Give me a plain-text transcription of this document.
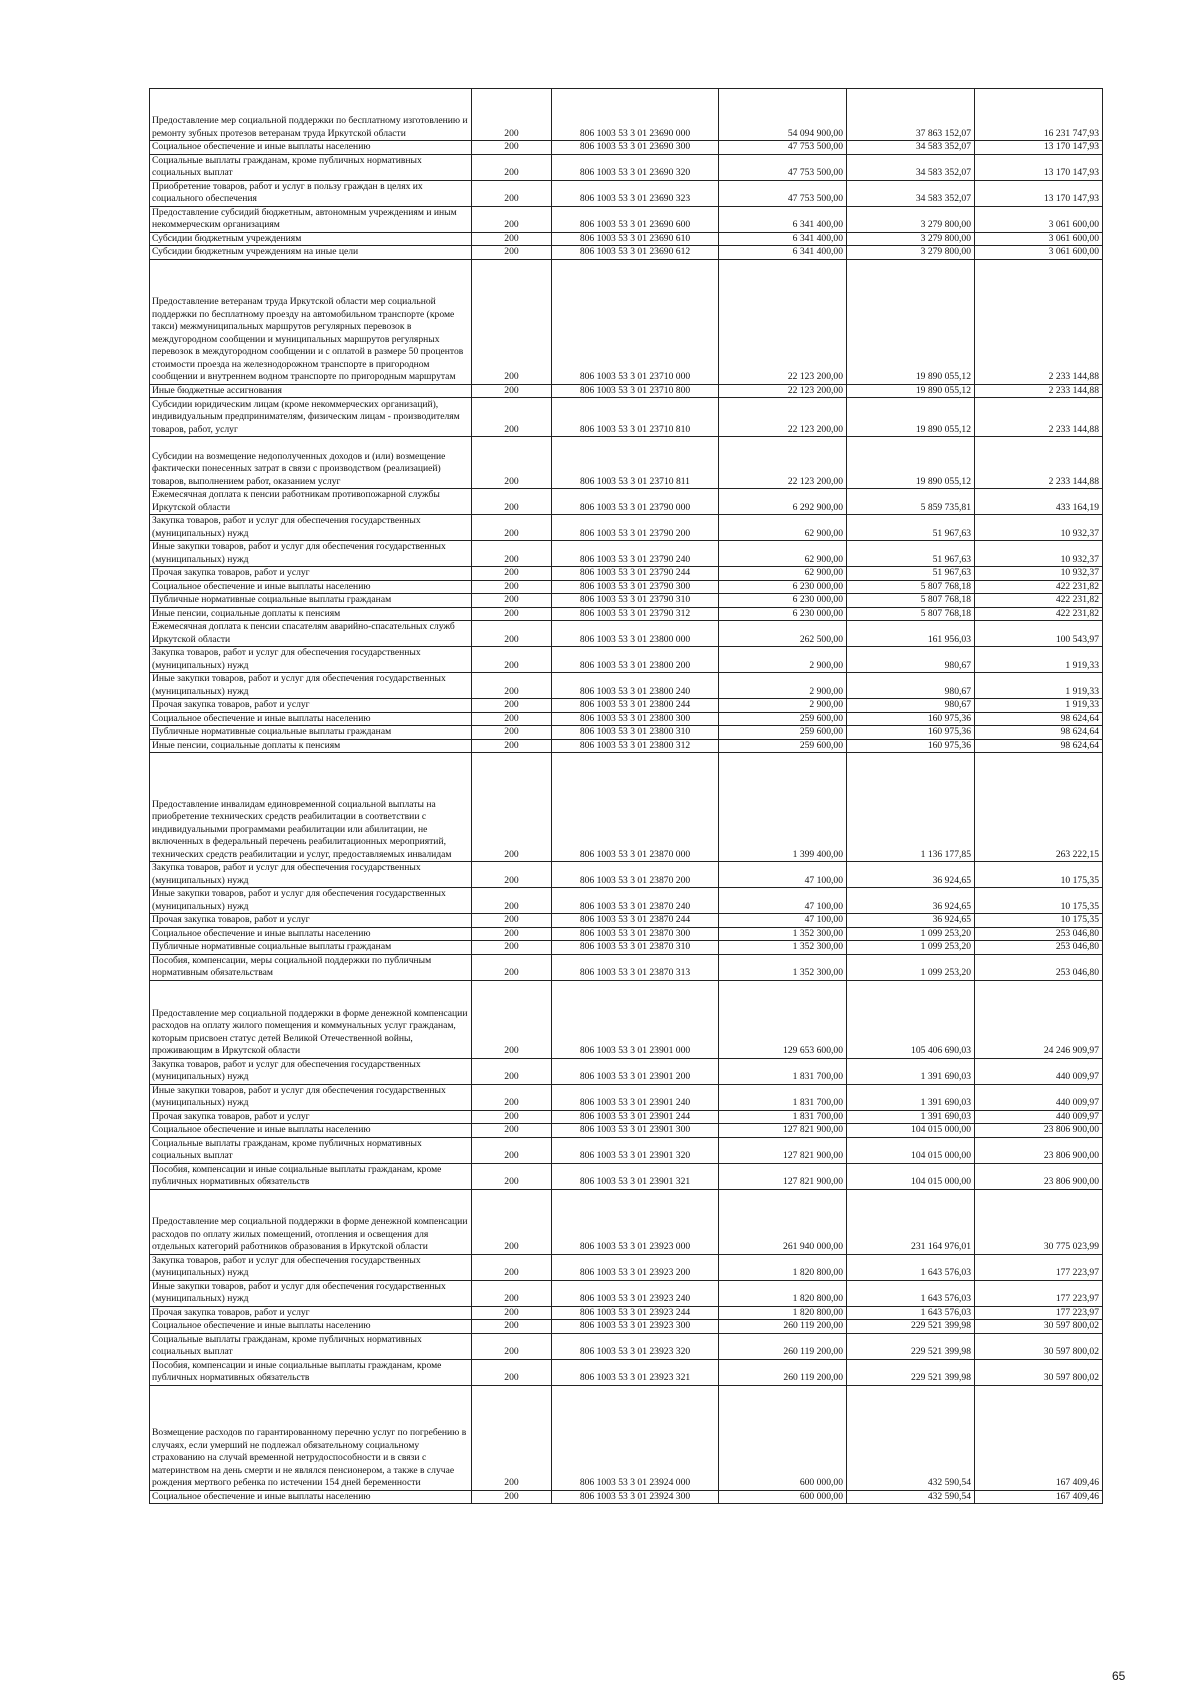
Предоставление мер социальной поддержки по бесплатному изготовлению и ремонту зубных протезов ветеранам труда Иркутской области	200	806 1003 53 3 01 23690 000	54 094 900,00	37 863 152,07	16 231 747,93
Социальное обеспечение и иные выплаты населению	200	806 1003 53 3 01 23690 300	47 753 500,00	34 583 352,07	13 170 147,93
Социальные выплаты гражданам, кроме публичных нормативных социальных выплат	200	806 1003 53 3 01 23690 320	47 753 500,00	34 583 352,07	13 170 147,93
Приобретение товаров, работ и услуг в пользу граждан в целях их социального обеспечения	200	806 1003 53 3 01 23690 323	47 753 500,00	34 583 352,07	13 170 147,93
Предоставление субсидий бюджетным, автономным учреждениям и иным некоммерческим организациям	200	806 1003 53 3 01 23690 600	6 341 400,00	3 279 800,00	3 061 600,00
Субсидии бюджетным учреждениям	200	806 1003 53 3 01 23690 610	6 341 400,00	3 279 800,00	3 061 600,00
Субсидии бюджетным учреждениям на иные цели	200	806 1003 53 3 01 23690 612	6 341 400,00	3 279 800,00	3 061 600,00
Предоставление ветеранам труда Иркутской области мер социальной поддержки по бесплатному проезду на автомобильном транспорте (кроме такси) межмуниципальных маршрутов регулярных перевозок в междугородном сообщении и муниципальных маршрутов регулярных перевозок в междугородном сообщении и с оплатой в размере 50 процентов стоимости проезда на железнодорожном транспорте в пригородном сообщении и внутреннем водном транспорте по пригородным маршрутам	200	806 1003 53 3 01 23710 000	22 123 200,00	19 890 055,12	2 233 144,88
Иные бюджетные ассигнования	200	806 1003 53 3 01 23710 800	22 123 200,00	19 890 055,12	2 233 144,88
Субсидии юридическим лицам (кроме некоммерческих организаций), индивидуальным предпринимателям, физическим лицам - производителям товаров, работ, услуг	200	806 1003 53 3 01 23710 810	22 123 200,00	19 890 055,12	2 233 144,88
Субсидии на возмещение недополученных доходов и (или) возмещение фактически понесенных затрат в связи с производством (реализацией) товаров, выполнением работ, оказанием услуг	200	806 1003 53 3 01 23710 811	22 123 200,00	19 890 055,12	2 233 144,88
Ежемесячная доплата к пенсии работникам противопожарной службы Иркутской области	200	806 1003 53 3 01 23790 000	6 292 900,00	5 859 735,81	433 164,19
Закупка товаров, работ и услуг для обеспечения государственных (муниципальных) нужд	200	806 1003 53 3 01 23790 200	62 900,00	51 967,63	10 932,37
Иные закупки товаров, работ и услуг для обеспечения государственных (муниципальных) нужд	200	806 1003 53 3 01 23790 240	62 900,00	51 967,63	10 932,37
Прочая закупка товаров, работ и услуг	200	806 1003 53 3 01 23790 244	62 900,00	51 967,63	10 932,37
Социальное обеспечение и иные выплаты населению	200	806 1003 53 3 01 23790 300	6 230 000,00	5 807 768,18	422 231,82
Публичные нормативные социальные выплаты гражданам	200	806 1003 53 3 01 23790 310	6 230 000,00	5 807 768,18	422 231,82
Иные пенсии, социальные доплаты к пенсиям	200	806 1003 53 3 01 23790 312	6 230 000,00	5 807 768,18	422 231,82
Ежемесячная доплата к пенсии спасателям аварийно-спасательных служб Иркутской области	200	806 1003 53 3 01 23800 000	262 500,00	161 956,03	100 543,97
Закупка товаров, работ и услуг для обеспечения государственных (муниципальных) нужд	200	806 1003 53 3 01 23800 200	2 900,00	980,67	1 919,33
Иные закупки товаров, работ и услуг для обеспечения государственных (муниципальных) нужд	200	806 1003 53 3 01 23800 240	2 900,00	980,67	1 919,33
Прочая закупка товаров, работ и услуг	200	806 1003 53 3 01 23800 244	2 900,00	980,67	1 919,33
Социальное обеспечение и иные выплаты населению	200	806 1003 53 3 01 23800 300	259 600,00	160 975,36	98 624,64
Публичные нормативные социальные выплаты гражданам	200	806 1003 53 3 01 23800 310	259 600,00	160 975,36	98 624,64
Иные пенсии, социальные доплаты к пенсиям	200	806 1003 53 3 01 23800 312	259 600,00	160 975,36	98 624,64
Предоставление инвалидам единовременной социальной выплаты на приобретение технических средств реабилитации в соответствии с индивидуальными программами реабилитации или абилитации, не включенных в федеральный перечень реабилитационных мероприятий, технических средств реабилитации и услуг, предоставляемых инвалидам	200	806 1003 53 3 01 23870 000	1 399 400,00	1 136 177,85	263 222,15
Закупка товаров, работ и услуг для обеспечения государственных (муниципальных) нужд	200	806 1003 53 3 01 23870 200	47 100,00	36 924,65	10 175,35
Иные закупки товаров, работ и услуг для обеспечения государственных (муниципальных) нужд	200	806 1003 53 3 01 23870 240	47 100,00	36 924,65	10 175,35
Прочая закупка товаров, работ и услуг	200	806 1003 53 3 01 23870 244	47 100,00	36 924,65	10 175,35
Социальное обеспечение и иные выплаты населению	200	806 1003 53 3 01 23870 300	1 352 300,00	1 099 253,20	253 046,80
Публичные нормативные социальные выплаты гражданам	200	806 1003 53 3 01 23870 310	1 352 300,00	1 099 253,20	253 046,80
Пособия, компенсации, меры социальной поддержки по публичным нормативным обязательствам	200	806 1003 53 3 01 23870 313	1 352 300,00	1 099 253,20	253 046,80
Предоставление мер социальной поддержки в форме денежной компенсации расходов на оплату жилого помещения и коммунальных услуг гражданам, которым присвоен статус детей Великой Отечественной войны, проживающим в Иркутской области	200	806 1003 53 3 01 23901 000	129 653 600,00	105 406 690,03	24 246 909,97
Закупка товаров, работ и услуг для обеспечения государственных (муниципальных) нужд	200	806 1003 53 3 01 23901 200	1 831 700,00	1 391 690,03	440 009,97
Иные закупки товаров, работ и услуг для обеспечения государственных (муниципальных) нужд	200	806 1003 53 3 01 23901 240	1 831 700,00	1 391 690,03	440 009,97
Прочая закупка товаров, работ и услуг	200	806 1003 53 3 01 23901 244	1 831 700,00	1 391 690,03	440 009,97
Социальное обеспечение и иные выплаты населению	200	806 1003 53 3 01 23901 300	127 821 900,00	104 015 000,00	23 806 900,00
Социальные выплаты гражданам, кроме публичных нормативных социальных выплат	200	806 1003 53 3 01 23901 320	127 821 900,00	104 015 000,00	23 806 900,00
Пособия, компенсации и иные социальные выплаты гражданам, кроме публичных нормативных обязательств	200	806 1003 53 3 01 23901 321	127 821 900,00	104 015 000,00	23 806 900,00
Предоставление мер социальной поддержки в форме денежной компенсации расходов по оплату жилых помещений, отопления и освещения для отдельных категорий работников образования в Иркутской области	200	806 1003 53 3 01 23923 000	261 940 000,00	231 164 976,01	30 775 023,99
Закупка товаров, работ и услуг для обеспечения государственных (муниципальных) нужд	200	806 1003 53 3 01 23923 200	1 820 800,00	1 643 576,03	177 223,97
Иные закупки товаров, работ и услуг для обеспечения государственных (муниципальных) нужд	200	806 1003 53 3 01 23923 240	1 820 800,00	1 643 576,03	177 223,97
Прочая закупка товаров, работ и услуг	200	806 1003 53 3 01 23923 244	1 820 800,00	1 643 576,03	177 223,97
Социальное обеспечение и иные выплаты населению	200	806 1003 53 3 01 23923 300	260 119 200,00	229 521 399,98	30 597 800,02
Социальные выплаты гражданам, кроме публичных нормативных социальных выплат	200	806 1003 53 3 01 23923 320	260 119 200,00	229 521 399,98	30 597 800,02
Пособия, компенсации и иные социальные выплаты гражданам, кроме публичных нормативных обязательств	200	806 1003 53 3 01 23923 321	260 119 200,00	229 521 399,98	30 597 800,02
Возмещение расходов по гарантированному перечню услуг по погребению в случаях, если умерший не подлежал обязательному социальному страхованию на случай временной нетрудоспособности и в связи с материнством на день смерти и не являлся пенсионером, а также в случае рождения мертвого ребенка по истечении 154 дней беременности	200	806 1003 53 3 01 23924 000	600 000,00	432 590,54	167 409,46
Социальное обеспечение и иные выплаты населению	200	806 1003 53 3 01 23924 300	600 000,00	432 590,54	167 409,46
65
